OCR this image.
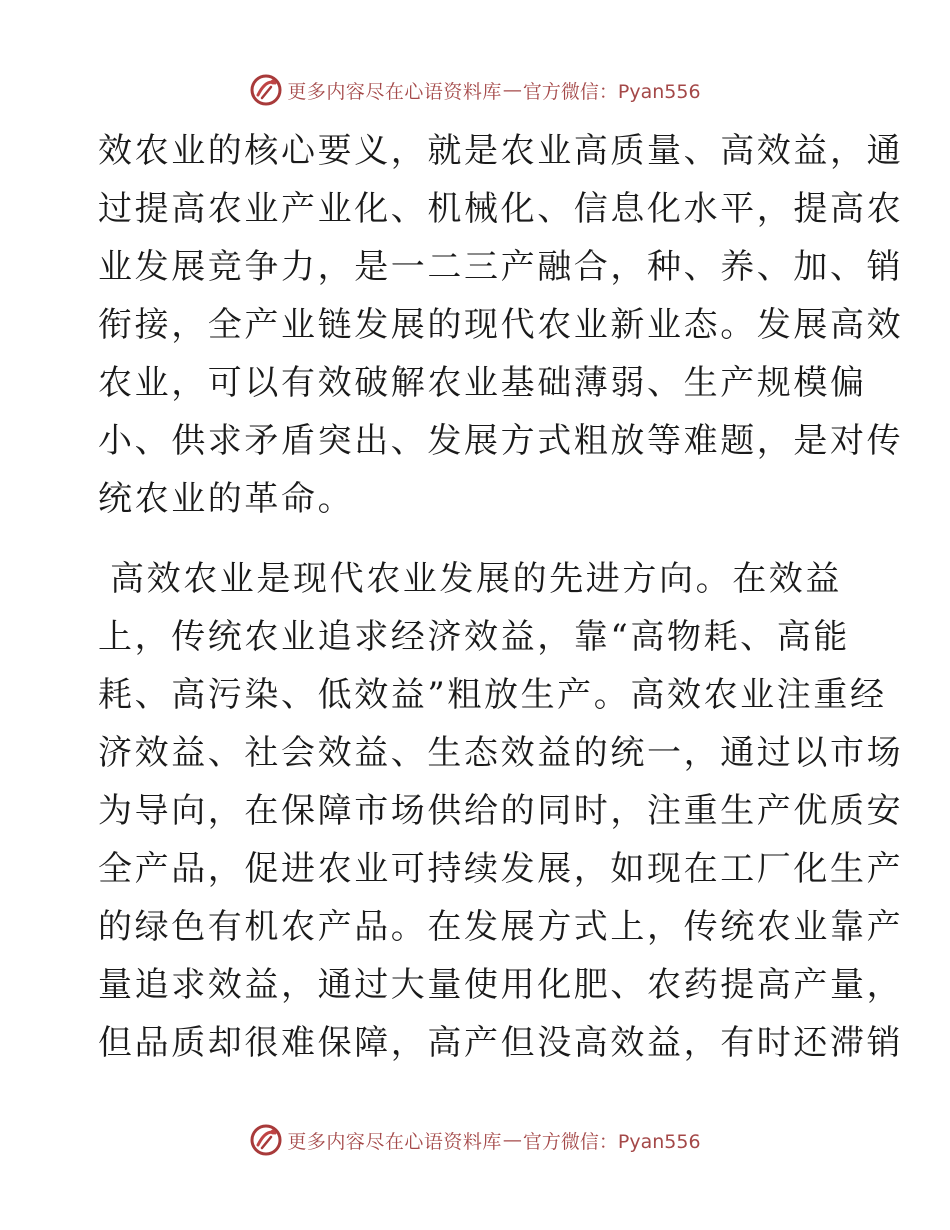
更多内容尽在心语资料库 — 官方微信：Pyan556
效农业的核心要义，就是农业高质量、高效益，通
过提高农业产业化、机械化、信息化水平，提高农
业发展竞争力，是一二三产融合，种、养、加、销
衔接，全产业链发展的现代农业新业态。发展高效
农业，可以有效破解农业基础薄弱、生产规模偏
小、供求矛盾突出、发展方式粗放等难题，是对传
统农业的革命。
高效农业是现代农业发展的先进方向。在效益
上，传统农业追求经济效益，靠“高物耗、高能
耗、高污染、低效益”粗放生产。高效农业注重经
济效益、社会效益、生态效益的统一，通过以市场
为导向，在保障市场供给的同时，注重生产优质安
全产品，促进农业可持续发展，如现在工厂化生产
的绿色有机农产品。在发展方式上，传统农业靠产
量追求效益，通过大量使用化肥、农药提高产量，
但品质却很难保障，高产但没高效益，有时还滞销
更多内容尽在心语资料库 — 官方微信：Pyan556
